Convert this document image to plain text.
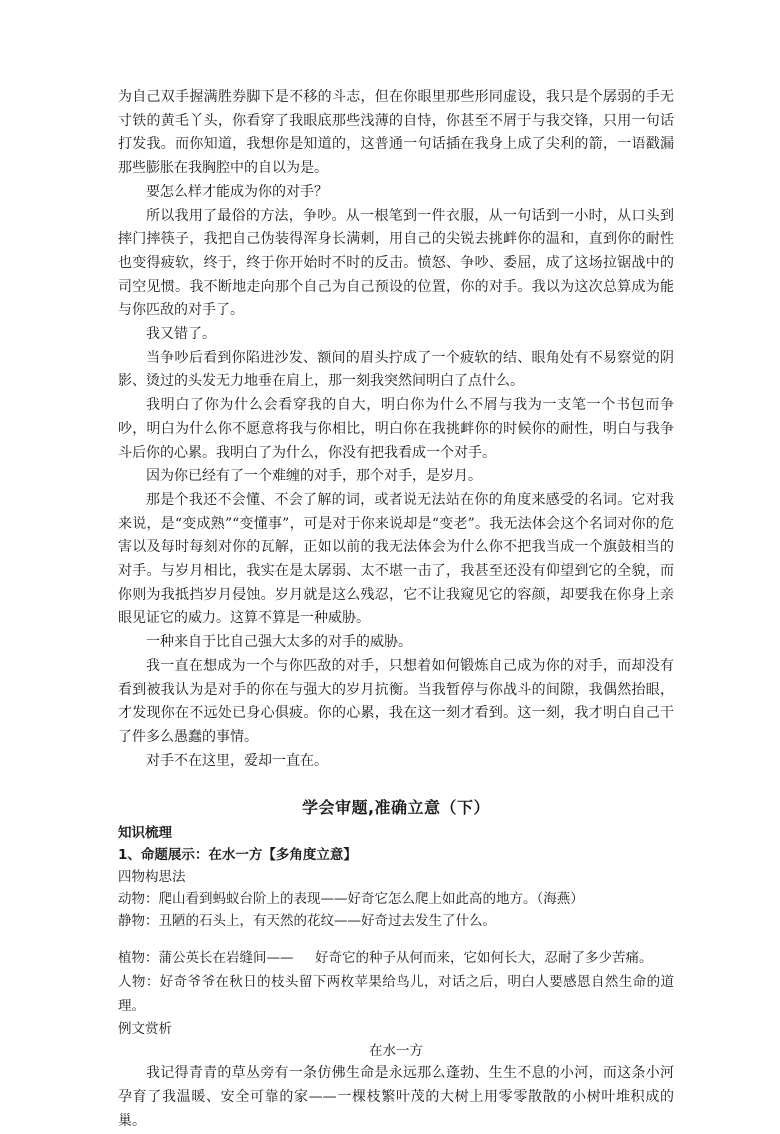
为自己双手握满胜券脚下是不移的斗志，但在你眼里那些形同虚设，我只是个孱弱的手无寸铁的黄毛丫头，你看穿了我眼底那些浅薄的自恃，你甚至不屑于与我交锋，只用一句话打发我。而你知道，我想你是知道的，这普通一句话插在我身上成了尖利的箭，一语戳漏那些膨胀在我胸腔中的自以为是。

要怎么样才能成为你的对手？

所以我用了最俗的方法，争吵。从一根笔到一件衣服，从一句话到一小时，从口头到摔门摔筷子，我把自己伪装得浑身长满刺，用自己的尖锐去挑衅你的温和，直到你的耐性也变得疲软，终于，终于你开始时不时的反击。愤怒、争吵、委屈，成了这场拉锯战中的司空见惯。我不断地走向那个自己为自己预设的位置，你的对手。我以为这次总算成为能与你匹敌的对手了。

我又错了。

当争吵后看到你陷进沙发、额间的眉头拧成了一个疲软的结、眼角处有不易察觉的阴影、烫过的头发无力地垂在肩上，那一刻我突然间明白了点什么。

我明白了你为什么会看穿我的自大，明白你为什么不屑与我为一支笔一个书包而争吵，明白为什么你不愿意将我与你相比，明白你在我挑衅你的时候你的耐性，明白与我争斗后你的心累。我明白了为什么，你没有把我看成一个对手。

因为你已经有了一个难缠的对手，那个对手，是岁月。

那是个我还不会懂、不会了解的词，或者说无法站在你的角度来感受的名词。它对我来说，是“变成熟”“变懂事”，可是对于你来说却是“变老”。我无法体会这个名词对你的危害以及每时每刻对你的瓦解，正如以前的我无法体会为什么你不把我当成一个旗鼓相当的对手。与岁月相比，我实在是太孱弱、太不堪一击了，我甚至还没有仰望到它的全貌，而你则为我抵挡岁月侵蚀。岁月就是这么残忍，它不让我窥见它的容颜，却要我在你身上亲眼见证它的威力。这算不算是一种威胁。

一种来自于比自己强大太多的对手的威胁。

我一直在想成为一个与你匹敌的对手，只想着如何锻炼自己成为你的对手，而却没有看到被我认为是对手的你在与强大的岁月抗衡。当我暂停与你战斗的间隙，我偶然抬眼，才发现你在不远处已身心俱疲。你的心累，我在这一刻才看到。这一刻，我才明白自己干了件多么愚蠢的事情。

对手不在这里，爱却一直在。

学会审题,准确立意（下）

知识梳理

1、命题展示：在水一方【多角度立意】

四物构思法

动物：爬山看到蚂蚁台阶上的表现——好奇它怎么爬上如此高的地方。（海燕）

静物：丑陋的石头上，有天然的花纹——好奇过去发生了什么。

植物：蒲公英长在岩缝间——     好奇它的种子从何而来，它如何长大，忍耐了多少苦痛。

人物：好奇爷爷在秋日的枝头留下两枚苹果给鸟儿，对话之后，明白人要感恩自然生命的道理。

例文赏析

在水一方

我记得青青的草丛旁有一条仿佛生命是永远那么蓬勃、生生不息的小河，而这条小河孕育了我温暖、安全可靠的家——一棵枝繁叶茂的大树上用零零散散的小树叶堆积成的巢。
